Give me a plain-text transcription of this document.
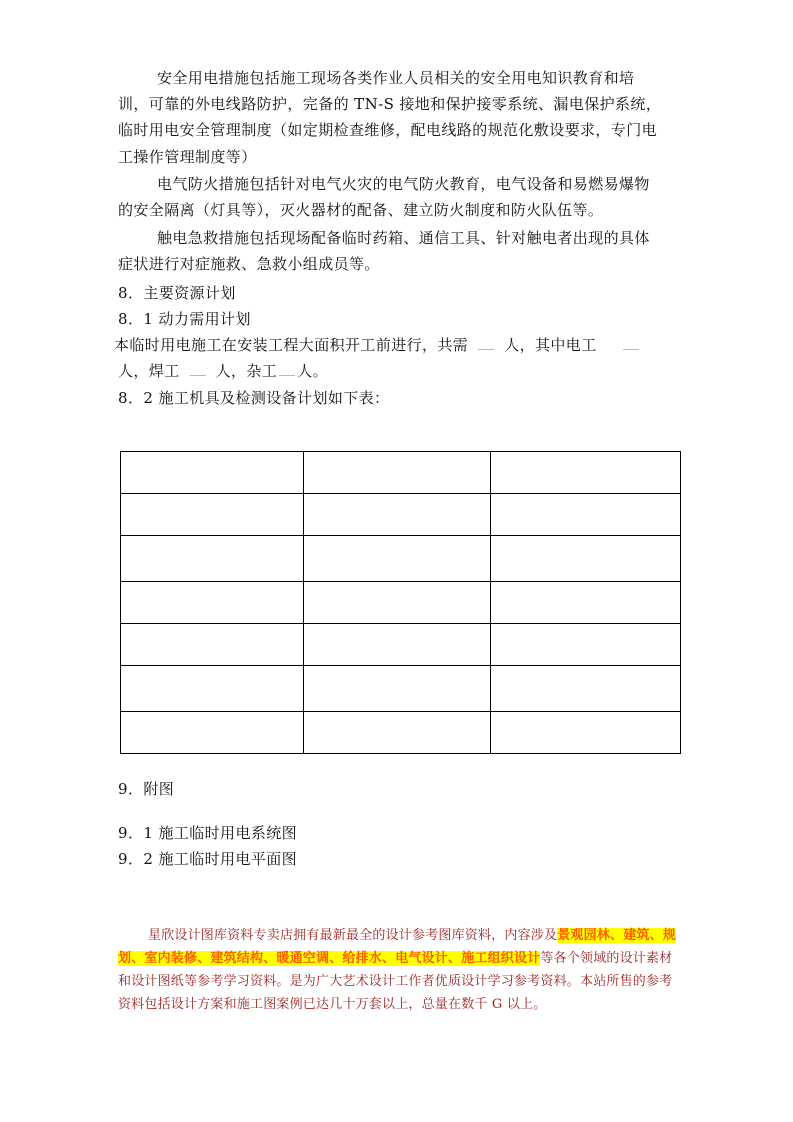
安全用电措施包括施工现场各类作业人员相关的安全用电知识教育和培
训，可靠的外电线路防护，完备的 TN-S 接地和保护接零系统、漏电保护系统，
临时用电安全管理制度（如定期检查维修，配电线路的规范化敷设要求，专门电
工操作管理制度等）
电气防火措施包括针对电气火灾的电气防火教育，电气设备和易燃易爆物
的安全隔离（灯具等），灭火器材的配备、建立防火制度和防火队伍等。
触电急救措施包括现场配备临时药箱、通信工具、针对触电者出现的具体
症状进行对症施救、急救小组成员等。
8．主要资源计划
8．1 动力需用计划
本临时用电施工在安装工程大面积开工前进行，共需 人，其中电工
人，焊工 人，杂工 人。
8．2 施工机具及检测设备计划如下表：

9．附图
9．1 施工临时用电系统图
9．2 施工临时用电平面图
星欣设计图库资料专卖店拥有最新最全的设计参考图库资料，内容涉及景观园林、建筑、规划、室内装修、建筑结构、暖通空调、给排水、电气设计、施工组织设计等各个领域的设计素材和设计图纸等参考学习资料。是为广大艺术设计工作者优质设计学习参考资料。本站所售的参考资料包括设计方案和施工图案例已达几十万套以上，总量在数千 G 以上。
